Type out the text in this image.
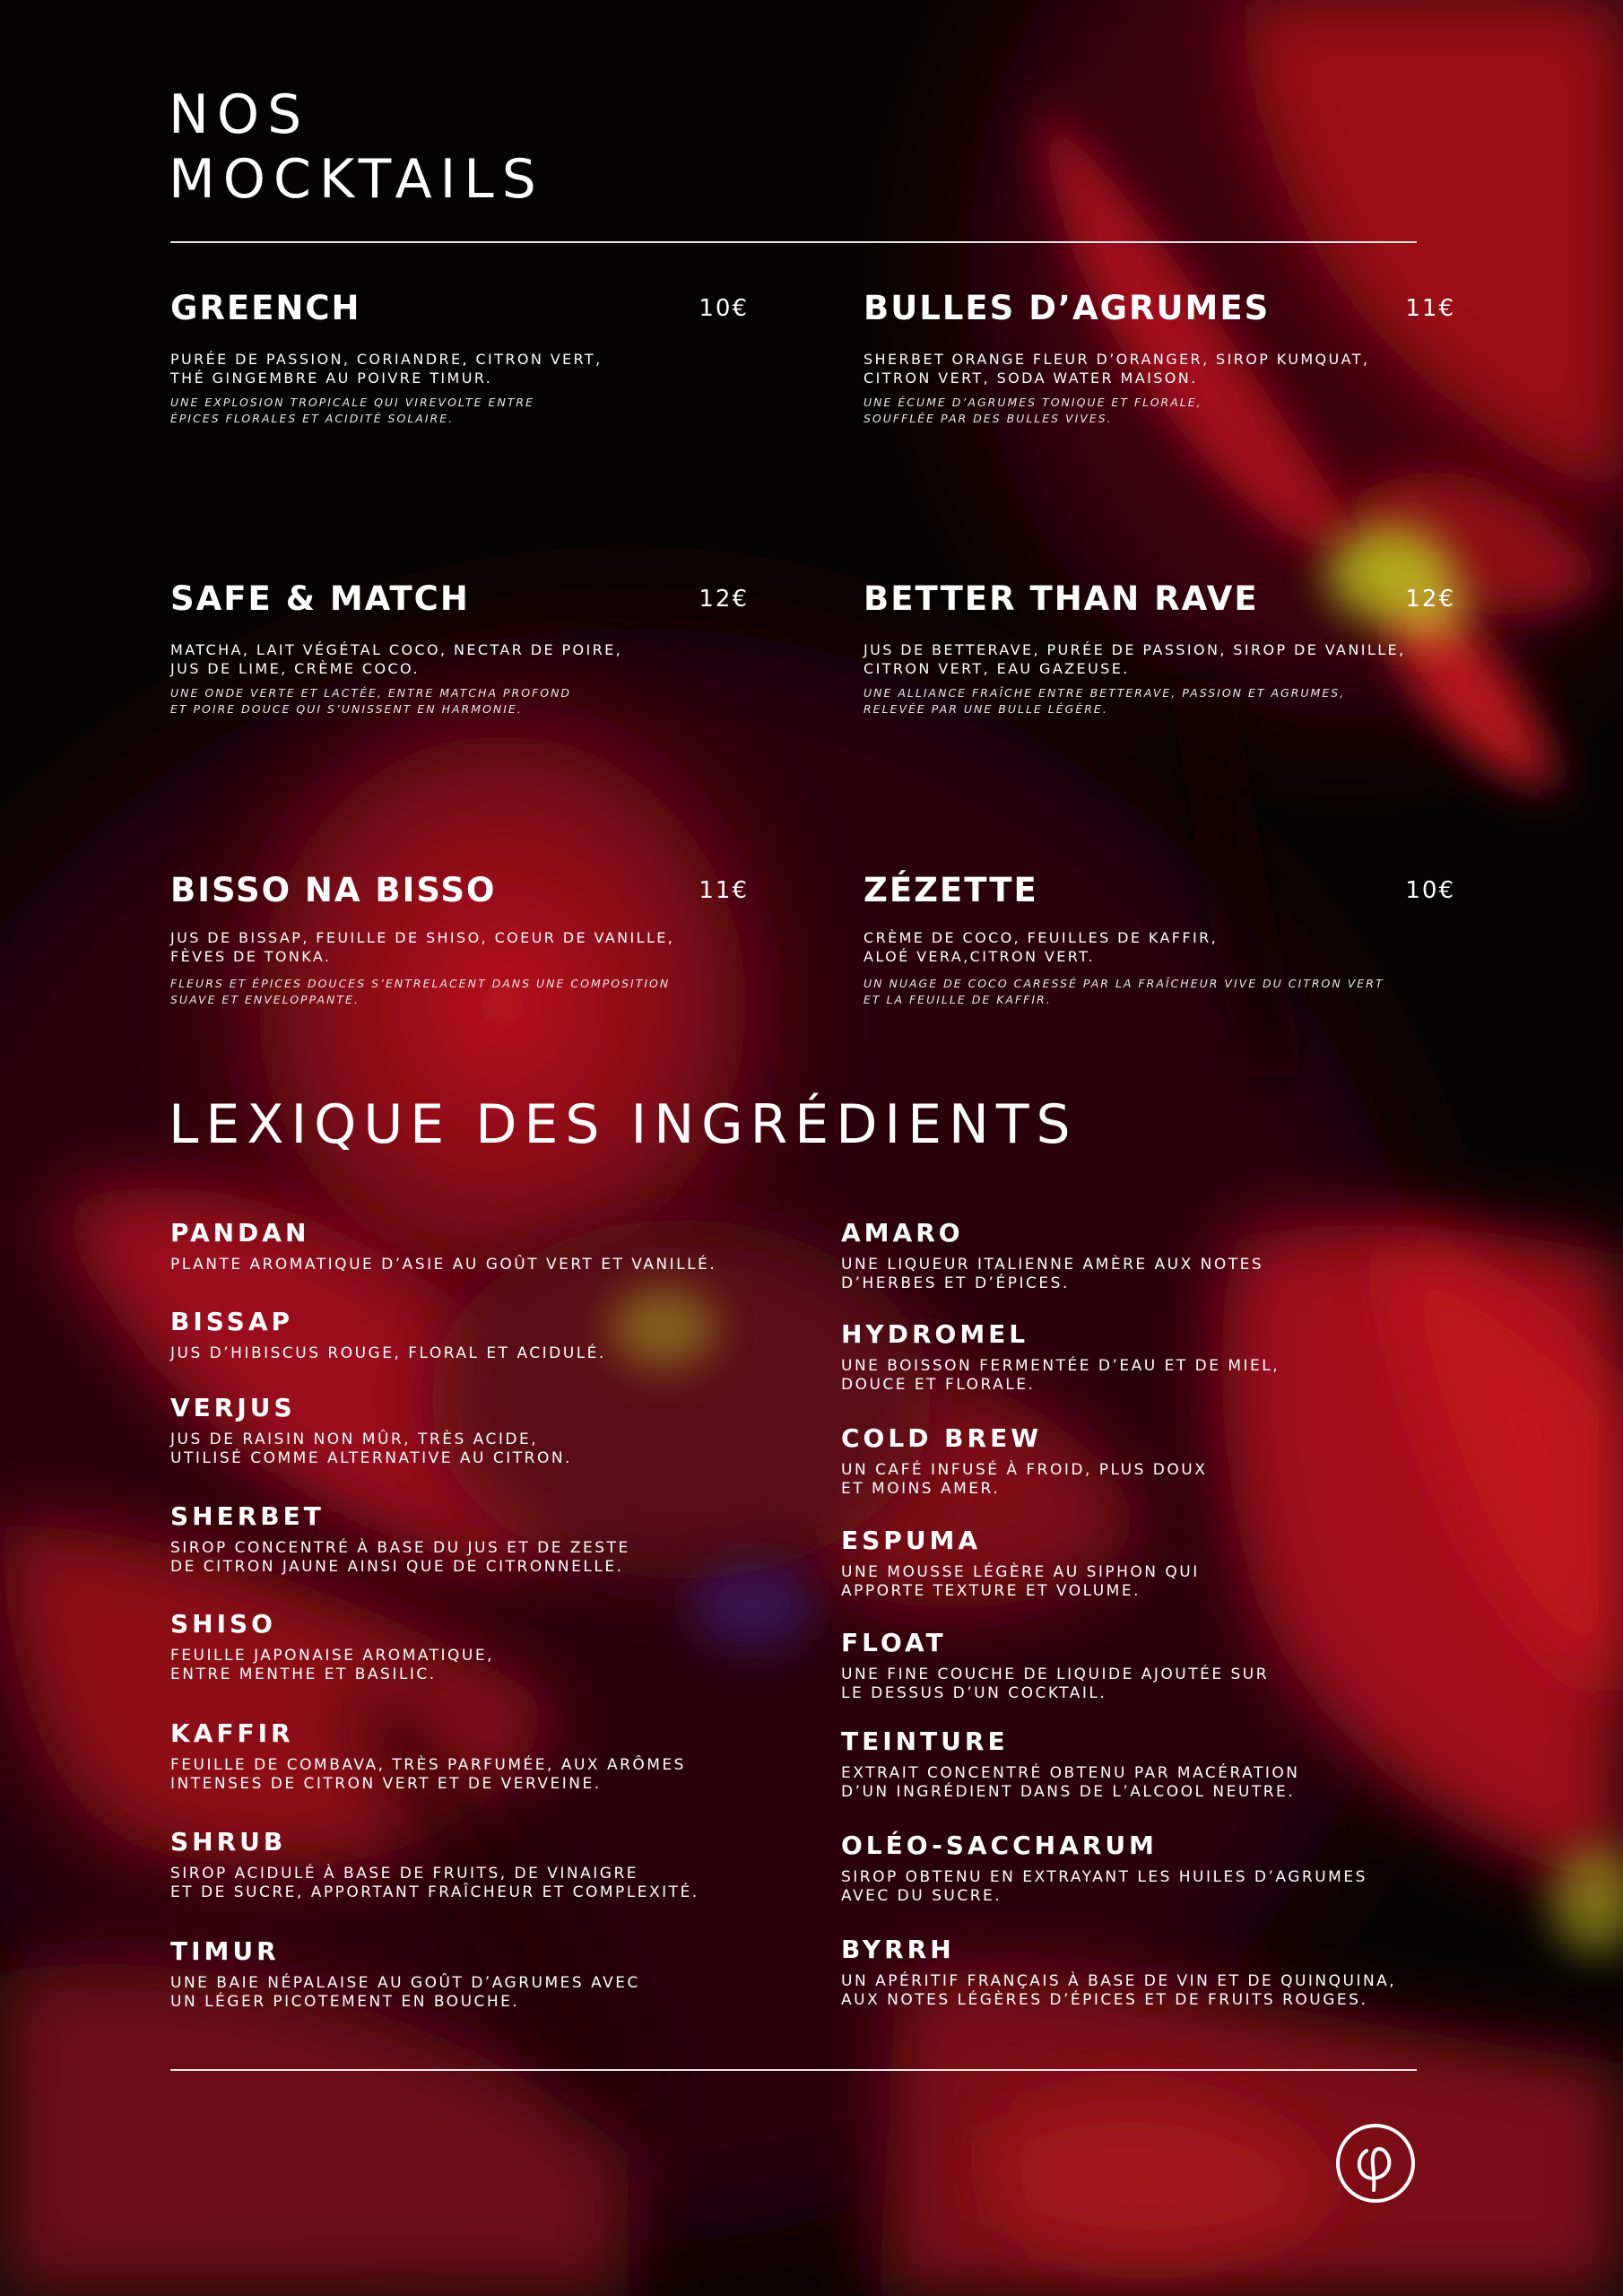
NOS
MOCKTAILS
GREENCH	10€
PURÉE DE PASSION, CORIANDRE, CITRON VERT,
THÉ GINGEMBRE AU POIVRE TIMUR.
UNE EXPLOSION TROPICALE QUI VIREVOLTE ENTRE
ÉPICES FLORALES ET ACIDITÉ SOLAIRE.
BULLES D’AGRUMES	11€
SHERBET ORANGE FLEUR D’ORANGER, SIROP KUMQUAT,
CITRON VERT, SODA WATER MAISON.
UNE ÉCUME D’AGRUMES TONIQUE ET FLORALE,
SOUFFLÉE PAR DES BULLES VIVES.
SAFE & MATCH	12€
MATCHA, LAIT VÉGÉTAL COCO, NECTAR DE POIRE,
JUS DE LIME, CRÈME COCO.
UNE ONDE VERTE ET LACTÉE, ENTRE MATCHA PROFOND
ET POIRE DOUCE QUI S’UNISSENT EN HARMONIE.
BETTER THAN RAVE	12€
JUS DE BETTERAVE, PURÉE DE PASSION, SIROP DE VANILLE,
CITRON VERT, EAU GAZEUSE.
UNE ALLIANCE FRAÎCHE ENTRE BETTERAVE, PASSION ET AGRUMES,
RELEVÉE PAR UNE BULLE LÉGÈRE.
BISSO NA BISSO	11€
JUS DE BISSAP, FEUILLE DE SHISO, COEUR DE VANILLE,
FÈVES DE TONKA.
FLEURS ET ÉPICES DOUCES S’ENTRELACENT DANS UNE COMPOSITION
SUAVE ET ENVELOPPANTE.
ZÉZETTE	10€
CRÈME DE COCO, FEUILLES DE KAFFIR,
ALOÉ VERA,CITRON VERT.
UN NUAGE DE COCO CARESSÉ PAR LA FRAÎCHEUR VIVE DU CITRON VERT
ET LA FEUILLE DE KAFFIR.
LEXIQUE DES INGRÉDIENTS
PANDAN
PLANTE AROMATIQUE D’ASIE AU GOÛT VERT ET VANILLÉ.
BISSAP
JUS D’HIBISCUS ROUGE, FLORAL ET ACIDULÉ.
VERJUS
JUS DE RAISIN NON MÛR, TRÈS ACIDE,
UTILISÉ COMME ALTERNATIVE AU CITRON.
SHERBET
SIROP CONCENTRÉ À BASE DU JUS ET DE ZESTE
DE CITRON JAUNE AINSI QUE DE CITRONNELLE.
SHISO
FEUILLE JAPONAISE AROMATIQUE,
ENTRE MENTHE ET BASILIC.
KAFFIR
FEUILLE DE COMBAVA, TRÈS PARFUMÉE, AUX ARÔMES
INTENSES DE CITRON VERT ET DE VERVEINE.
SHRUB
SIROP ACIDULÉ À BASE DE FRUITS, DE VINAIGRE
ET DE SUCRE, APPORTANT FRAÎCHEUR ET COMPLEXITÉ.
TIMUR
UNE BAIE NÉPALAISE AU GOÛT D’AGRUMES AVEC
UN LÉGER PICOTEMENT EN BOUCHE.
AMARO
UNE LIQUEUR ITALIENNE AMÈRE AUX NOTES
D’HERBES ET D’ÉPICES.
HYDROMEL
UNE BOISSON FERMENTÉE D’EAU ET DE MIEL,
DOUCE ET FLORALE.
COLD BREW
UN CAFÉ INFUSÉ À FROID, PLUS DOUX
ET MOINS AMER.
ESPUMA
UNE MOUSSE LÉGÈRE AU SIPHON QUI
APPORTE TEXTURE ET VOLUME.
FLOAT
UNE FINE COUCHE DE LIQUIDE AJOUTÉE SUR
LE DESSUS D’UN COCKTAIL.
TEINTURE
EXTRAIT CONCENTRÉ OBTENU PAR MACÉRATION
D’UN INGRÉDIENT DANS DE L’ALCOOL NEUTRE.
OLÉO-SACCHARUM
SIROP OBTENU EN EXTRAYANT LES HUILES D’AGRUMES
AVEC DU SUCRE.
BYRRH
UN APÉRITIF FRANÇAIS À BASE DE VIN ET DE QUINQUINA,
AUX NOTES LÉGÈRES D’ÉPICES ET DE FRUITS ROUGES.
